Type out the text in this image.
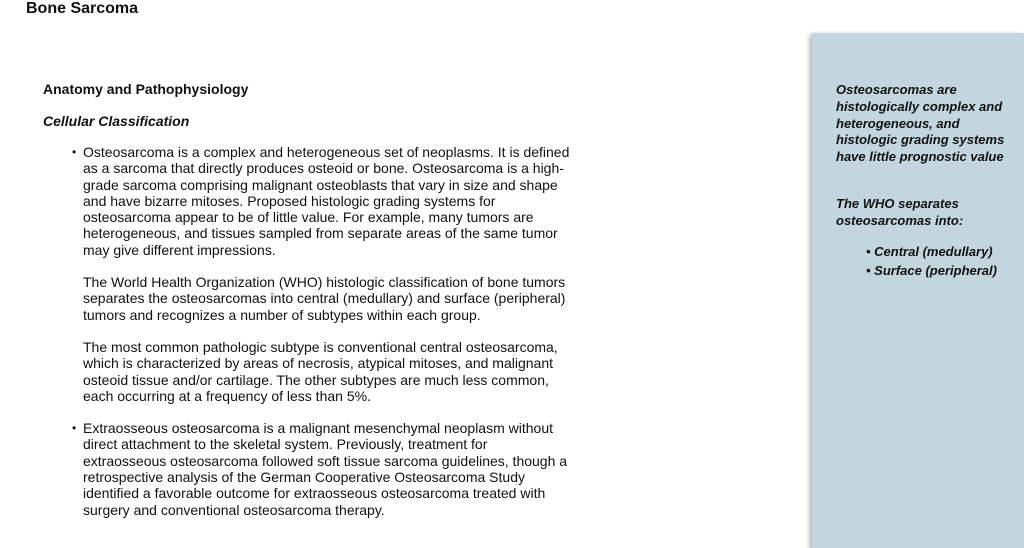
Bone Sarcoma
Anatomy and Pathophysiology
Cellular Classification
• Osteosarcoma is a complex and heterogeneous set of neoplasms. It is defined as a sarcoma that directly produces osteoid or bone. Osteosarcoma is a high-grade sarcoma comprising malignant osteoblasts that vary in size and shape and have bizarre mitoses. Proposed histologic grading systems for osteosarcoma appear to be of little value. For example, many tumors are heterogeneous, and tissues sampled from separate areas of the same tumor may give different impressions.

The World Health Organization (WHO) histologic classification of bone tumors separates the osteosarcomas into central (medullary) and surface (peripheral) tumors and recognizes a number of subtypes within each group.

The most common pathologic subtype is conventional central osteosarcoma, which is characterized by areas of necrosis, atypical mitoses, and malignant osteoid tissue and/or cartilage. The other subtypes are much less common, each occurring at a frequency of less than 5%.

• Extraosseous osteosarcoma is a malignant mesenchymal neoplasm without direct attachment to the skeletal system. Previously, treatment for extraosseous osteosarcoma followed soft tissue sarcoma guidelines, though a retrospective analysis of the German Cooperative Osteosarcoma Study identified a favorable outcome for extraosseous osteosarcoma treated with surgery and conventional osteosarcoma therapy.

Osteosarcomas are histologically complex and heterogeneous, and histologic grading systems have little prognostic value

The WHO separates osteosarcomas into:

• Central (medullary)
• Surface (peripheral)
